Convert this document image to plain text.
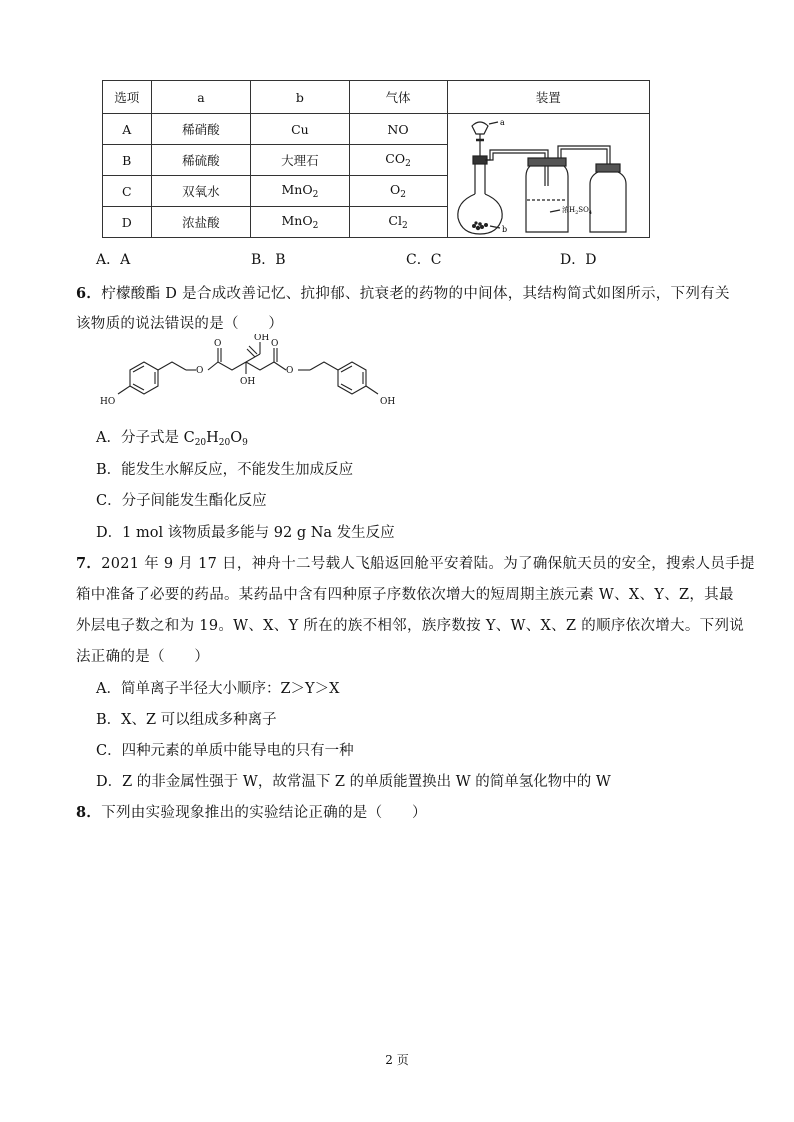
选项	a	b	气体	装置
A	稀硝酸	Cu	NO	a
b
浓$H_2SO_4$

B	稀硫酸	大理石	$CO_2$
C	双氧水	MnO$_2$	$O_2$
D	浓盐酸	MnO$_2$	$Cl_2$
A．A	B．B	C．C	D．D
6．柠檬酸酯 D 是合成改善记忆、抗抑郁、抗衰老的药物的中间体，其结构简式如图所示，下列有关
该物质的说法错误的是（　　）
O
O
O
O
OH
OH
HO	OH
A．分子式是 $C_{20}H_{20}O_9$
B．能发生水解反应，不能发生加成反应
C．分子间能发生酯化反应
D．1 mol 该物质最多能与 92 g Na 发生反应
7．2021 年 9 月 17 日，神舟十二号载人飞船返回舱平安着陆。为了确保航天员的安全，搜索人员手提
箱中准备了必要的药品。某药品中含有四种原子序数依次增大的短周期主族元素 W、X、Y、Z，其最
外层电子数之和为 19。W、X、Y 所在的族不相邻，族序数按 Y、W、X、Z 的顺序依次增大。下列说
法正确的是（　　）
A．简单离子半径大小顺序：Z＞Y＞X
B．X、Z 可以组成多种离子
C．四种元素的单质中能导电的只有一种
D．Z 的非金属性强于 W，故常温下 Z 的单质能置换出 W 的简单氢化物中的 W
8．下列由实验现象推出的实验结论正确的是（　　）
2 页
